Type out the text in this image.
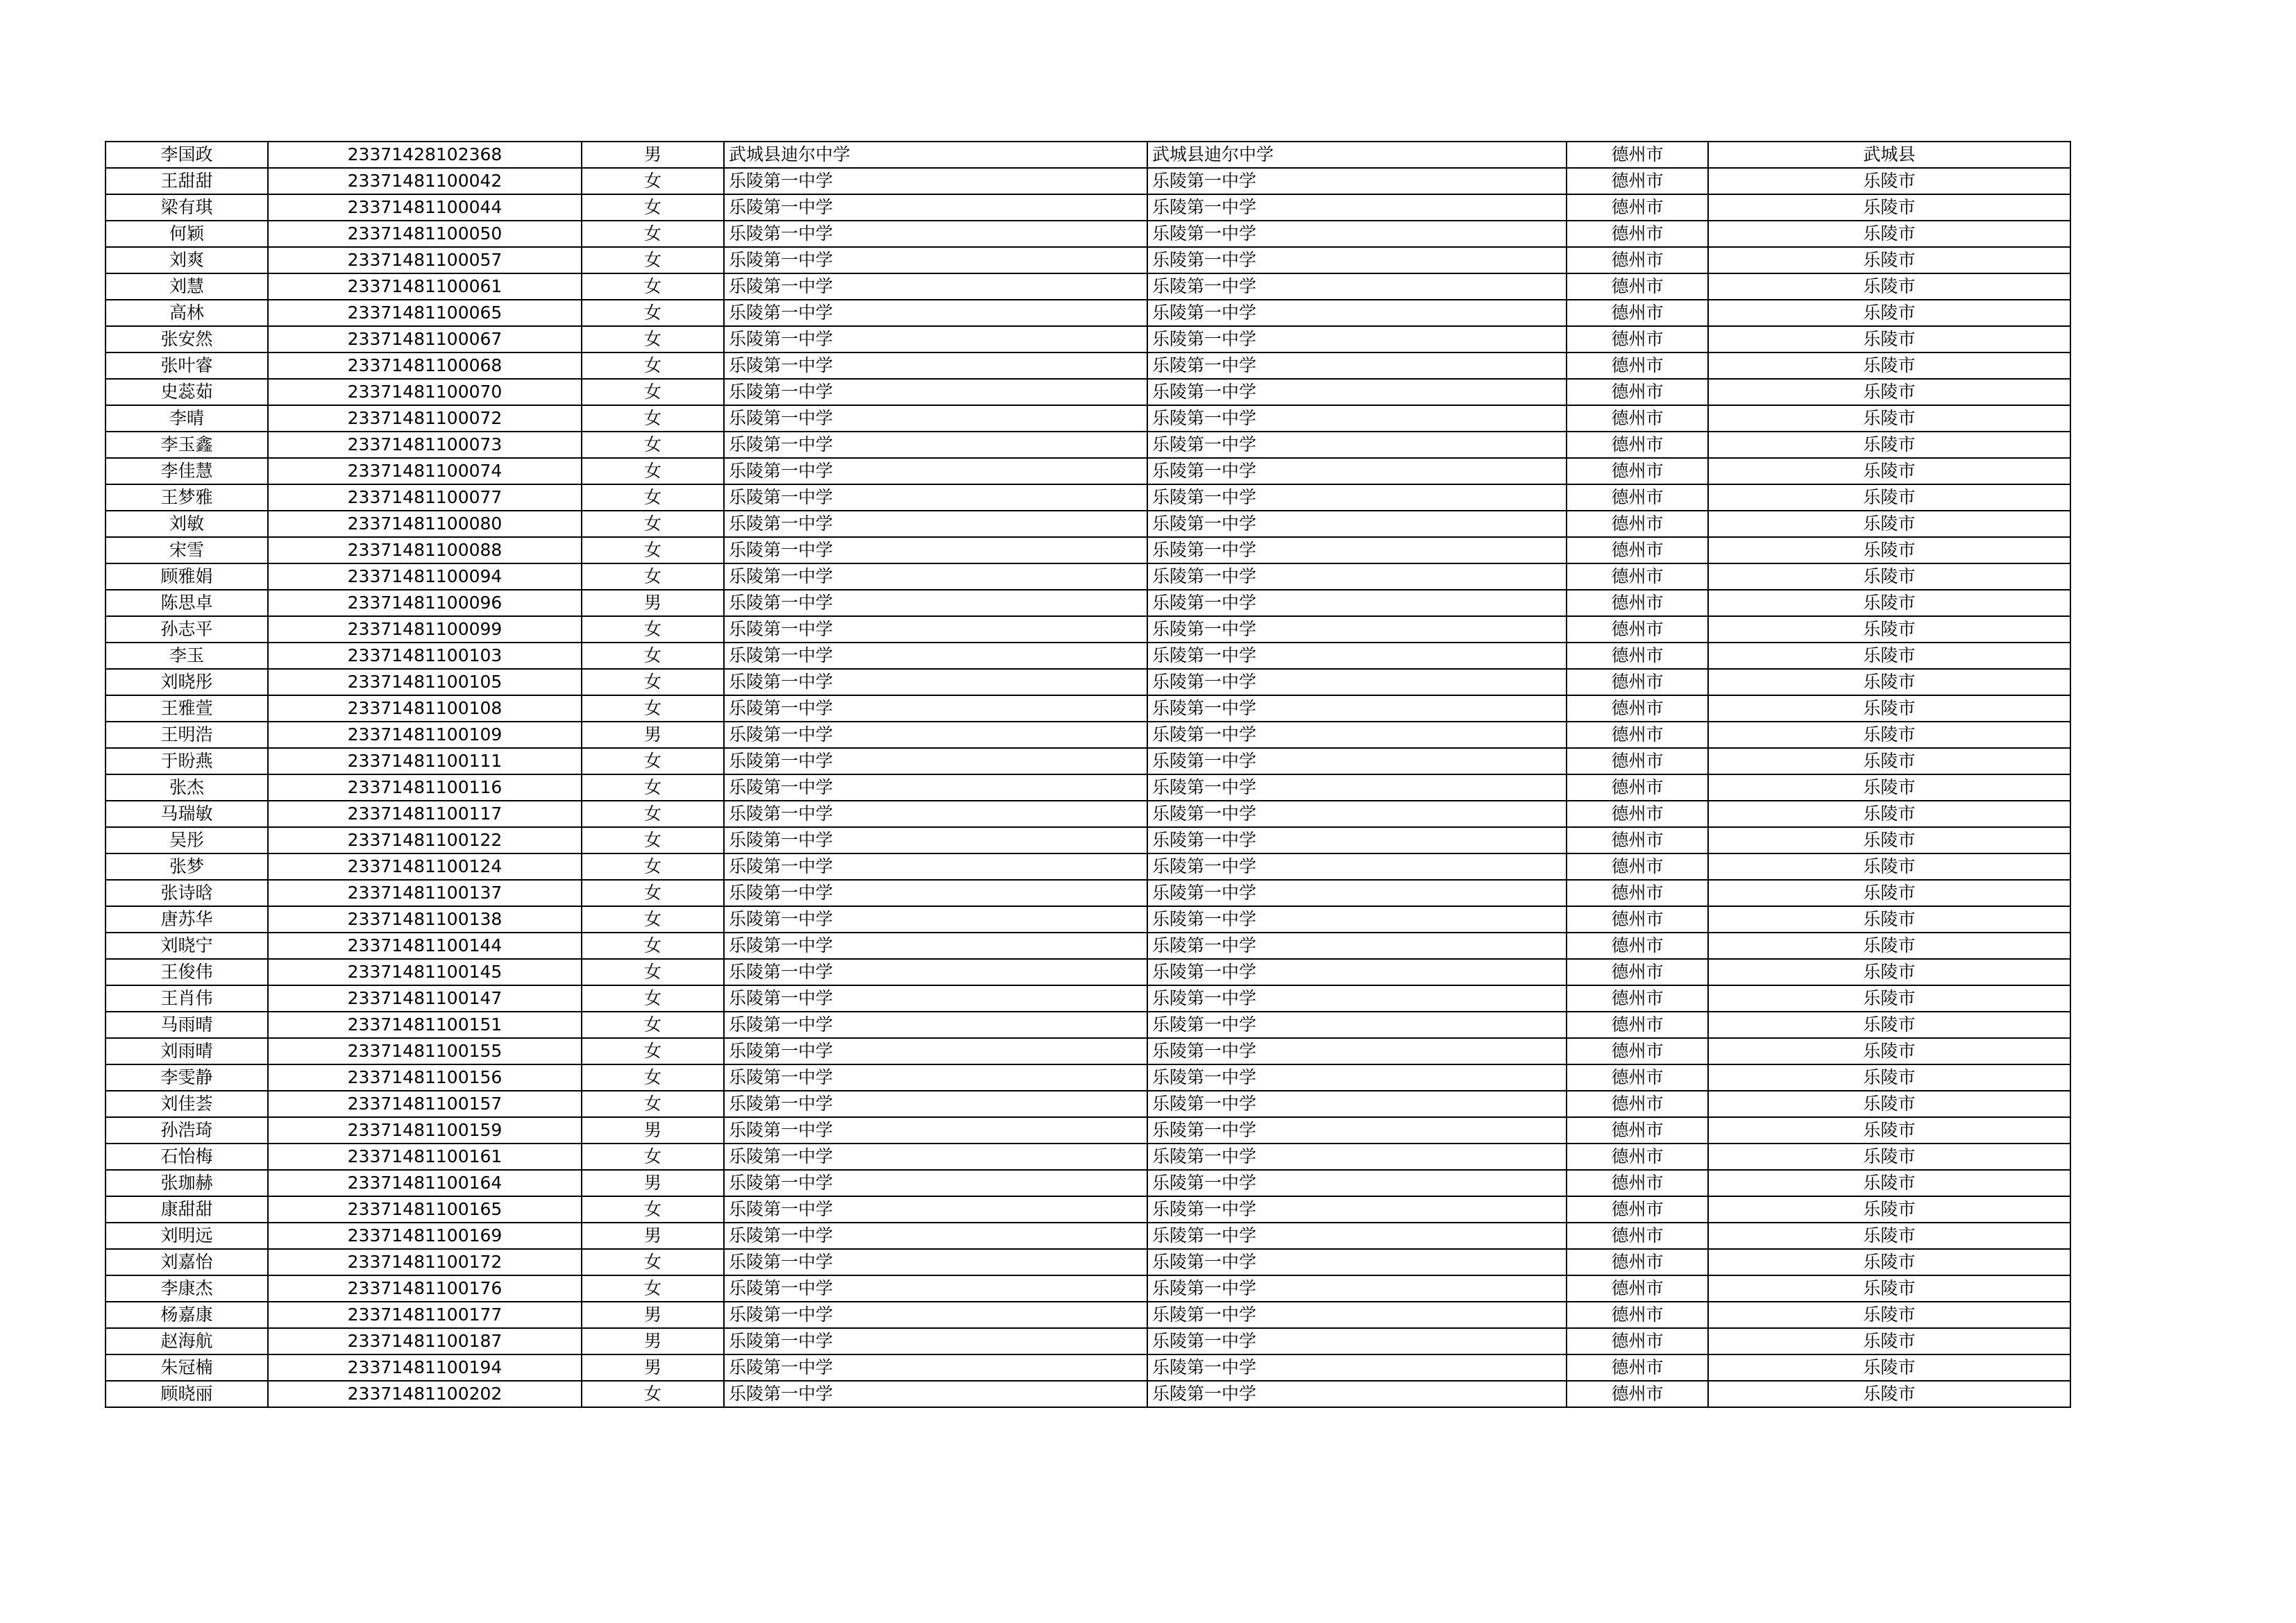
李国政	23371428102368	男	武城县迪尔中学	武城县迪尔中学	德州市	武城县
王甜甜	23371481100042	女	乐陵第一中学	乐陵第一中学	德州市	乐陵市
梁有琪	23371481100044	女	乐陵第一中学	乐陵第一中学	德州市	乐陵市
何颖	23371481100050	女	乐陵第一中学	乐陵第一中学	德州市	乐陵市
刘爽	23371481100057	女	乐陵第一中学	乐陵第一中学	德州市	乐陵市
刘慧	23371481100061	女	乐陵第一中学	乐陵第一中学	德州市	乐陵市
高林	23371481100065	女	乐陵第一中学	乐陵第一中学	德州市	乐陵市
张安然	23371481100067	女	乐陵第一中学	乐陵第一中学	德州市	乐陵市
张叶睿	23371481100068	女	乐陵第一中学	乐陵第一中学	德州市	乐陵市
史蕊茹	23371481100070	女	乐陵第一中学	乐陵第一中学	德州市	乐陵市
李晴	23371481100072	女	乐陵第一中学	乐陵第一中学	德州市	乐陵市
李玉鑫	23371481100073	女	乐陵第一中学	乐陵第一中学	德州市	乐陵市
李佳慧	23371481100074	女	乐陵第一中学	乐陵第一中学	德州市	乐陵市
王梦雅	23371481100077	女	乐陵第一中学	乐陵第一中学	德州市	乐陵市
刘敏	23371481100080	女	乐陵第一中学	乐陵第一中学	德州市	乐陵市
宋雪	23371481100088	女	乐陵第一中学	乐陵第一中学	德州市	乐陵市
顾雅娟	23371481100094	女	乐陵第一中学	乐陵第一中学	德州市	乐陵市
陈思卓	23371481100096	男	乐陵第一中学	乐陵第一中学	德州市	乐陵市
孙志平	23371481100099	女	乐陵第一中学	乐陵第一中学	德州市	乐陵市
李玉	23371481100103	女	乐陵第一中学	乐陵第一中学	德州市	乐陵市
刘晓彤	23371481100105	女	乐陵第一中学	乐陵第一中学	德州市	乐陵市
王雅萱	23371481100108	女	乐陵第一中学	乐陵第一中学	德州市	乐陵市
王明浩	23371481100109	男	乐陵第一中学	乐陵第一中学	德州市	乐陵市
于盼燕	23371481100111	女	乐陵第一中学	乐陵第一中学	德州市	乐陵市
张杰	23371481100116	女	乐陵第一中学	乐陵第一中学	德州市	乐陵市
马瑞敏	23371481100117	女	乐陵第一中学	乐陵第一中学	德州市	乐陵市
吴彤	23371481100122	女	乐陵第一中学	乐陵第一中学	德州市	乐陵市
张梦	23371481100124	女	乐陵第一中学	乐陵第一中学	德州市	乐陵市
张诗晗	23371481100137	女	乐陵第一中学	乐陵第一中学	德州市	乐陵市
唐苏华	23371481100138	女	乐陵第一中学	乐陵第一中学	德州市	乐陵市
刘晓宁	23371481100144	女	乐陵第一中学	乐陵第一中学	德州市	乐陵市
王俊伟	23371481100145	女	乐陵第一中学	乐陵第一中学	德州市	乐陵市
王肖伟	23371481100147	女	乐陵第一中学	乐陵第一中学	德州市	乐陵市
马雨晴	23371481100151	女	乐陵第一中学	乐陵第一中学	德州市	乐陵市
刘雨晴	23371481100155	女	乐陵第一中学	乐陵第一中学	德州市	乐陵市
李雯静	23371481100156	女	乐陵第一中学	乐陵第一中学	德州市	乐陵市
刘佳荟	23371481100157	女	乐陵第一中学	乐陵第一中学	德州市	乐陵市
孙浩琦	23371481100159	男	乐陵第一中学	乐陵第一中学	德州市	乐陵市
石怡梅	23371481100161	女	乐陵第一中学	乐陵第一中学	德州市	乐陵市
张珈赫	23371481100164	男	乐陵第一中学	乐陵第一中学	德州市	乐陵市
康甜甜	23371481100165	女	乐陵第一中学	乐陵第一中学	德州市	乐陵市
刘明远	23371481100169	男	乐陵第一中学	乐陵第一中学	德州市	乐陵市
刘嘉怡	23371481100172	女	乐陵第一中学	乐陵第一中学	德州市	乐陵市
李康杰	23371481100176	女	乐陵第一中学	乐陵第一中学	德州市	乐陵市
杨嘉康	23371481100177	男	乐陵第一中学	乐陵第一中学	德州市	乐陵市
赵海航	23371481100187	男	乐陵第一中学	乐陵第一中学	德州市	乐陵市
朱冠楠	23371481100194	男	乐陵第一中学	乐陵第一中学	德州市	乐陵市
顾晓丽	23371481100202	女	乐陵第一中学	乐陵第一中学	德州市	乐陵市
